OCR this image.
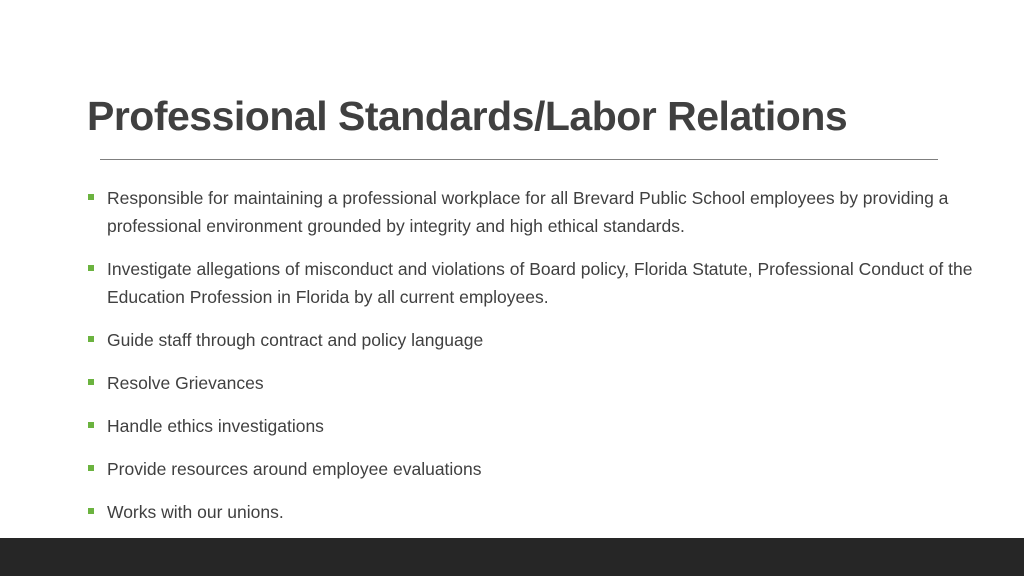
Professional Standards/Labor Relations
Responsible for maintaining a professional workplace for all Brevard Public School employees by providing a professional environment grounded by integrity and high ethical standards.
Investigate allegations of misconduct and violations of Board policy, Florida Statute, Professional Conduct of the Education Profession in Florida by all current employees.
Guide staff through contract and policy language
Resolve Grievances
Handle ethics investigations
Provide resources around employee evaluations
Works with our unions.
